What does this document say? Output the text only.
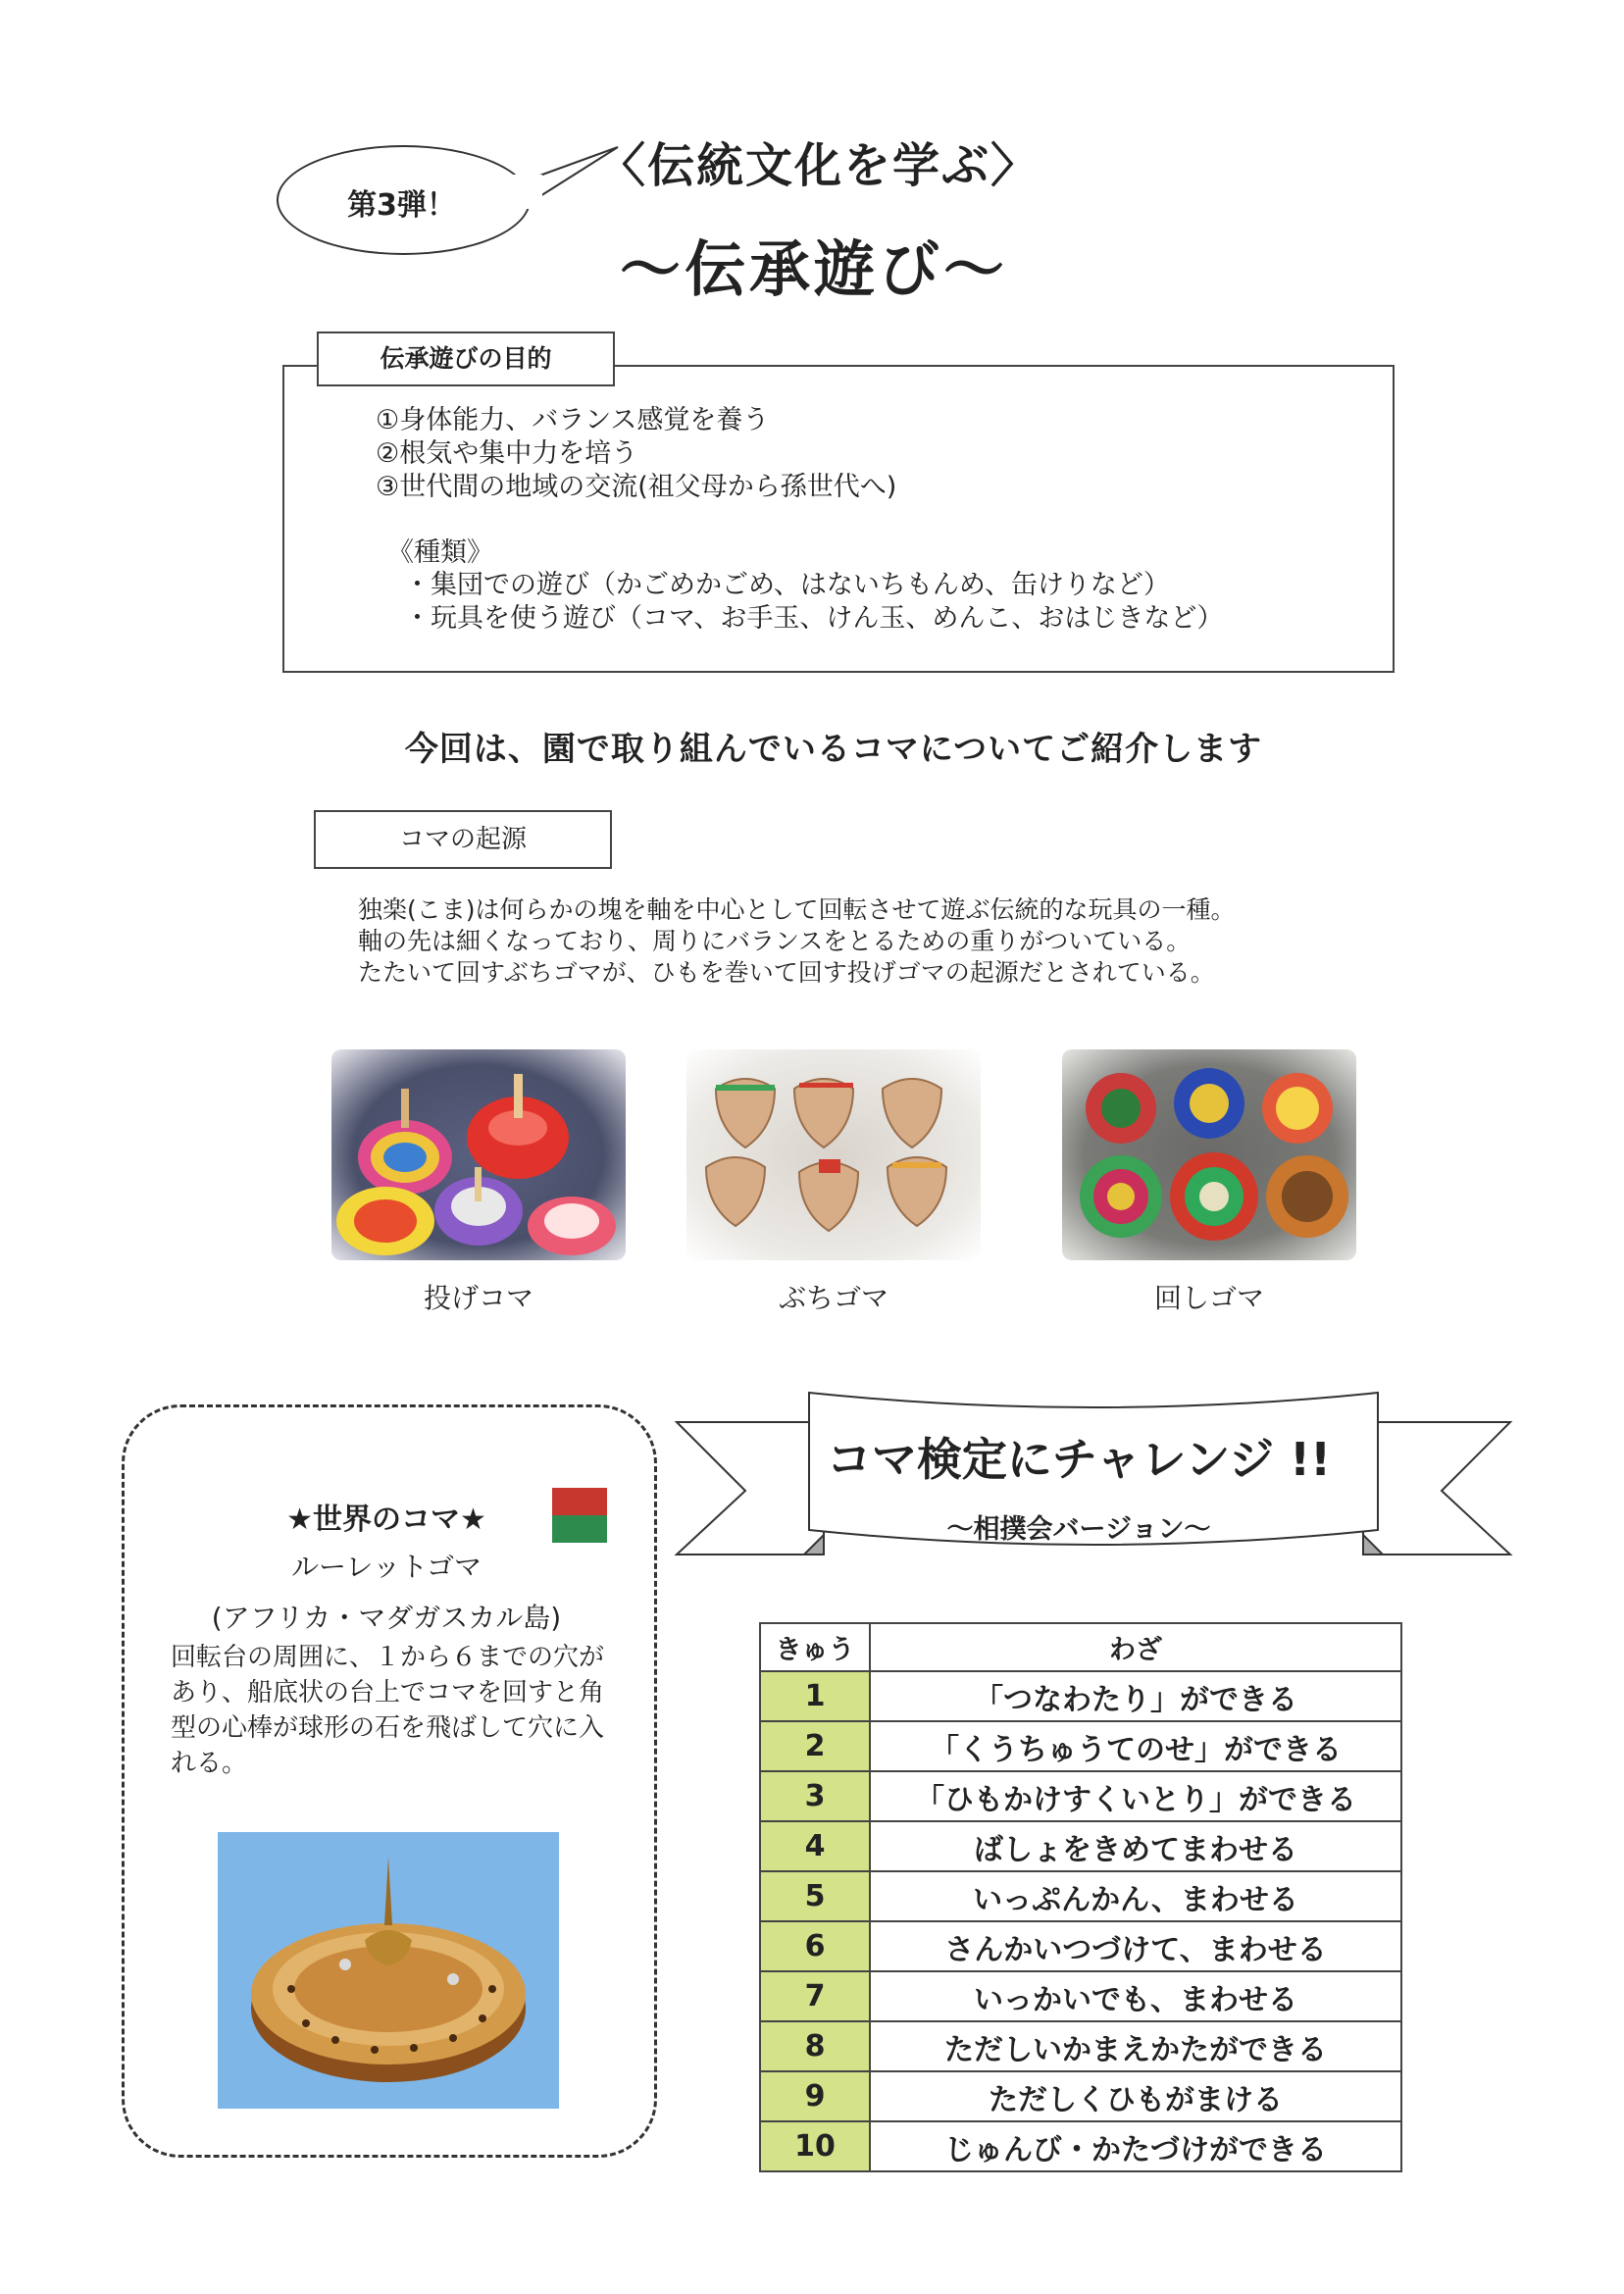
第3弾！
〈伝統文化を学ぶ〉
〜伝承遊び〜
伝承遊びの目的
①身体能力、バランス感覚を養う
②根気や集中力を培う
③世代間の地域の交流(祖父母から孫世代へ)
《種類》
・集団での遊び（かごめかごめ、はないちもんめ、缶けりなど）
・玩具を使う遊び（コマ、お手玉、けん玉、めんこ、おはじきなど）
今回は、園で取り組んでいるコマについてご紹介します
コマの起源
独楽(こま)は何らかの塊を軸を中心として回転させて遊ぶ伝統的な玩具の一種。
軸の先は細くなっており、周りにバランスをとるための重りがついている。
たたいて回すぶちゴマが、ひもを巻いて回す投げゴマの起源だとされている。
投げコマ	ぶちゴマ	回しゴマ
★世界のコマ★
ルーレットゴマ
(アフリカ・マダガスカル島)
回転台の周囲に、１から６までの穴があり、船底状の台上でコマを回すと角型の心棒が球形の石を飛ばして穴に入れる。
コマ検定にチャレンジ !!
〜相撲会バージョン〜
きゅう	わざ
1	「つなわたり」ができる
2	「くうちゅうてのせ」ができる
3	「ひもかけすくいとり」ができる
4	ばしょをきめてまわせる
5	いっぷんかん、まわせる
6	さんかいつづけて、まわせる
7	いっかいでも、まわせる
8	ただしいかまえかたができる
9	ただしくひもがまける
10	じゅんび・かたづけができる
